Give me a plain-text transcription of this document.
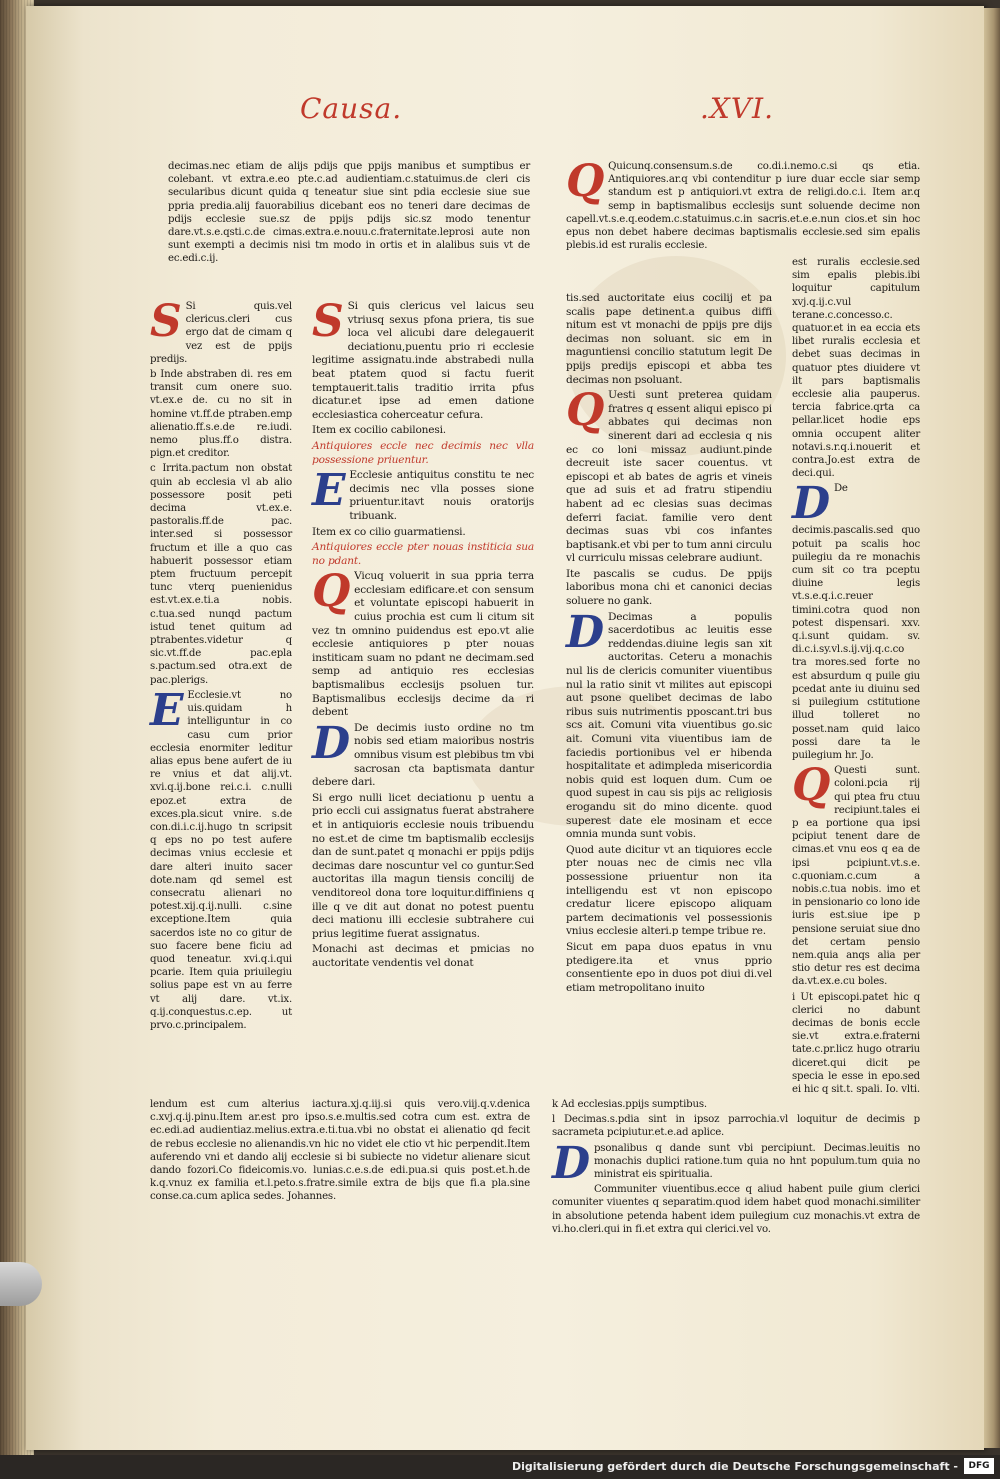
Causa.	.XVI.

decimas.nec etiam de alijs pdijs que ppijs manibus et sumptibus er colebant. vt extra.e.eo pte.c.ad audientiam.c.statuimus.de cleri cis secularibus dicunt quida q teneatur siue sint pdia ecclesie siue sue ppria predia.alij fauorabilius dicebant eos no teneri dare decimas de pdijs ecclesie sue.sz de ppijs pdijs sic.sz modo tenentur dare.vt.s.e.qsti.c.de cimas.extra.e.nouu.c.fraternitate.leprosi aute non sunt exempti a decimis nisi tm modo in ortis et in alalibus suis vt de ec.edi.c.ij.

S Si quis.vel clericus.cleri cus ergo dat de cimam q vez est de ppijs predijs.

b Inde abstraben di. res em transit cum onere suo. vt.ex.e de. cu no sit in homine vt.ff.de ptraben.emp alienatio.ff.s.e.de re.iudi. nemo plus.ff.o distra. pign.et creditor.

c Irrita.pactum non obstat quin ab ecclesia vl ab alio possessore posit peti decima vt.ex.e. pastoralis.ff.de pac. inter.sed si possessor fructum et ille a quo cas habuerit possessor etiam ptem fructuum percepit tunc vterq puenienidus est.vt.ex.e.ti.a nobis. c.tua.sed nunqd pactum istud tenet quitum ad ptrabentes.videtur q sic.vt.ff.de pac.epla s.pactum.sed otra.ext de pac.plerigs.

E Ecclesie.vt no uis.quidam h intelliguntur in co casu cum prior ecclesia enormiter leditur alias epus bene aufert de iu re vnius et dat alij.vt. xvi.q.ij.bone rei.c.i. c.nulli epoz.et extra de exces.pla.sicut vnire. s.de con.di.i.c.ij.hugo tn scripsit q eps no po test aufere decimas vnius ecclesie et dare alteri inuito sacer dote.nam qd semel est consecratu alienari no potest.xij.q.ij.nulli. c.sine exceptione.Item quia sacerdos iste no co gitur de suo facere bene ficiu ad quod teneatur. xvi.q.i.qui pcarie. Item quia priuilegiu solius pape est vn au ferre vt alij dare. vt.ix. q.ij.conquestus.c.ep. ut prvo.c.principalem.

S Si quis clericus vel laicus seu vtriusq sexus pfona priera, tis sue loca vel alicubi dare delegauerit deciationu,puentu prio ri ecclesie legitime assignatu.inde abstrabedi nulla beat ptatem quod si factu fuerit temptauerit.talis traditio irrita pfus dicatur.et ipse ad emen datione ecclesiastica coherceatur cefura.

Item ex cocilio cabilonesi.

Antiquiores eccle nec decimis nec vlla possessione priuentur.

E Ecclesie antiquitus constitu te nec decimis nec vlla posses sione priuentur.itavt nouis oratorijs tribuank.

Item ex co cilio guarmatiensi.

Antiquiores eccle pter nouas institicia sua no pdant.

Q Vicuq voluerit in sua ppria terra ecclesiam edificare.et con sensum et voluntate episcopi habuerit in cuius prochia est cum li citum sit vez tn omnino puidendus est epo.vt alie ecclesie antiquiores p pter nouas institicam suam no pdant ne decimam.sed semp ad antiquio res ecclesias baptismalibus ecclesijs psoluen tur. Baptismalibus ecclesijs decime da ri debent

D De decimis iusto ordine no tm nobis sed etiam maioribus nostris omnibus visum est plebibus tm vbi sacrosan cta baptismata dantur debere dari.

Si ergo nulli licet deciationu p uentu a prio eccli cui assignatus fuerat abstrahere et in antiquioris ecclesie nouis tribuendu no est.et de cime tm baptismalib ecclesijs dan de sunt.patet q monachi er ppijs pdijs decimas dare noscuntur vel co guntur.Sed auctoritas illa magun tiensis concilij de venditoreol dona tore loquitur.diffiniens q ille q ve dit aut donat no potest puentu deci mationu illi ecclesie subtrahere cui prius legitime fuerat assignatus.

Monachi ast decimas et pmicias no auctoritate vendentis vel donat

Q Quicunq.consensum.s.de co.di.i.nemo.c.si qs etia. Antiquiores.ar.q vbi contenditur p iure duar eccle siar semp standum est p antiquiori.vt extra de religi.do.c.i. Item ar.q semp in baptismalibus ecclesijs sunt soluende decime non capell.vt.s.e.q.eodem.c.statuimus.c.in sacris.et.e.e.nun cios.et sin hoc epus non debet habere decimas baptismalis ecclesie.sed sim epalis plebis.id est ruralis ecclesie.

tis.sed auctoritate eius cocilij et pa scalis pape detinent.a quibus diffi nitum est vt monachi de ppijs pre dijs decimas non soluant. sic em in maguntiensi concilio statutum legit De ppijs predijs episcopi et abba tes decimas non psoluant.

Q Uesti sunt preterea quidam fratres q essent aliqui episco pi abbates qui decimas non sinerent dari ad ecclesia q nis ec co loni missaz audiunt.pinde decreuit iste sacer couentus. vt episcopi et ab bates de agris et vineis que ad suis et ad fratru stipendiu habent ad ec clesias suas decimas deferri faciat. familie vero dent decimas suas vbi cos infantes baptisank.et vbi per to tum anni circulu vl curriculu missas celebrare audiunt.

Ite pascalis se cudus. De ppijs laboribus mona chi et canonici decias soluere no gank.

D Decimas a populis sacerdotibus ac leuitis esse reddendas.diuine legis san xit auctoritas. Ceteru a monachis nul lis de clericis comuniter viuentibus nul la ratio sinit vt milites aut episcopi aut psone quelibet decimas de labo ribus suis nutrimentis pposcant.tri bus scs ait. Comuni vita viuentibus go.sic ait. Comuni vita viuentibus iam de faciedis portionibus vel er hibenda hospitalitate et adimpleda misericordia nobis quid est loquen dum. Cum oe quod supest in cau sis pijs ac religiosis erogandu sit do mino dicente. quod superest date ele mosinam et ecce omnia munda sunt vobis.

Quod aute dicitur vt an tiquiores eccle pter nouas nec de cimis nec vlla possessione priuentur non ita intelligendu est vt non episcopo credatur licere episcopo aliquam partem decimationis vel possessionis vnius ecclesie alteri.p tempe tribue re.

Sicut em papa duos epatus in vnu ptedigere.ita et vnus pprio consentiente epo in duos pot diui di.vel etiam metropolitano inuito

est ruralis ecclesie.sed sim epalis plebis.ibi loquitur capitulum xvj.q.ij.c.vul terane.c.concesso.c. quatuor.et in ea eccia ets libet ruralis ecclesia et debet suas decimas in quatuor ptes diuidere vt ilt pars baptismalis ecclesie alia pauperus. tercia fabrice.qrta ca pellar.licet hodie eps omnia occupent aliter notavi.s.r.q.i.nouerit et contra.Jo.est extra de deci.qui.

D De decimis.pascalis.sed quo potuit pa scalis hoc puilegiu da re monachis cum sit co tra pceptu diuine legis vt.s.e.q.i.c.reuer timini.cotra quod non potest dispensari. xxv. q.i.sunt quidam. sv. di.c.i.sy.vl.s.ij.vij.q.c.co tra mores.sed forte no est absurdum q puile giu pcedat ante iu diuinu sed si puilegium cstitutione illud tolleret no posset.nam quid laico possi dare ta le puilegium hr. Jo.

Q Questi sunt. coloni.pcia rij qui ptea fru ctuu recipiunt.tales ei p ea portione qua ipsi pcipiut tenent dare de cimas.et vnu eos q ea de ipsi pcipiunt.vt.s.e. c.quoniam.c.cum a nobis.c.tua nobis. imo et in pensionario co lono ide iuris est.siue ipe p pensione seruiat siue dno det certam pensio nem.quia anqs alia per stio detur res est decima da.vt.ex.e.cu boles.

i Ut episcopi.patet hic q clerici no dabunt decimas de bonis eccle sie.vt extra.e.fraterni tate.c.pr.licz hugo otrariu diceret.qui dicit pe specia le esse in epo.sed ei hic q sit.t. spali. Io. vlti.

lendum est cum alterius iactura.xj.q.iij.si quis vero.viij.q.v.denica c.xvj.q.ij.pinu.Item ar.est pro ipso.s.e.multis.sed cotra cum est. extra de ec.edi.ad audientiaz.melius.extra.e.ti.tua.vbi no obstat ei alienatio qd fecit de rebus ecclesie no alienandis.vn hic no videt ele ctio vt hic perpendit.Item auferendo vni et dando alij ecclesie si bi subiecte no videtur alienare sicut dando fozori.Co fideicomis.vo. lunias.c.e.s.de edi.pua.si quis post.et.h.de k.q.vnuz ex familia et.l.peto.s.fratre.simile extra de bijs que fi.a pla.sine conse.ca.cum aplica sedes. Johannes.

k Ad ecclesias.ppijs sumptibus.

l Decimas.s.pdia sint in ipsoz parrochia.vl loquitur de decimis p sacrameta pcipiutur.et.e.ad aplice.

Dpsonalibus q dande sunt vbi percipiunt. Decimas.leuitis no monachis duplici ratione.tum quia no hnt populum.tum quia no ministrat eis spiritualia.

Communiter viuentibus.ecce q aliud habent puile gium clerici comuniter viuentes q separatim.quod idem habet quod monachi.similiter in absolutione petenda habent idem puilegium cuz monachis.vt extra de vi.ho.cleri.qui in fi.et extra qui clerici.vel vo.

Digitalisierung gefördert durch die Deutsche Forschungsgemeinschaft -	DFG
